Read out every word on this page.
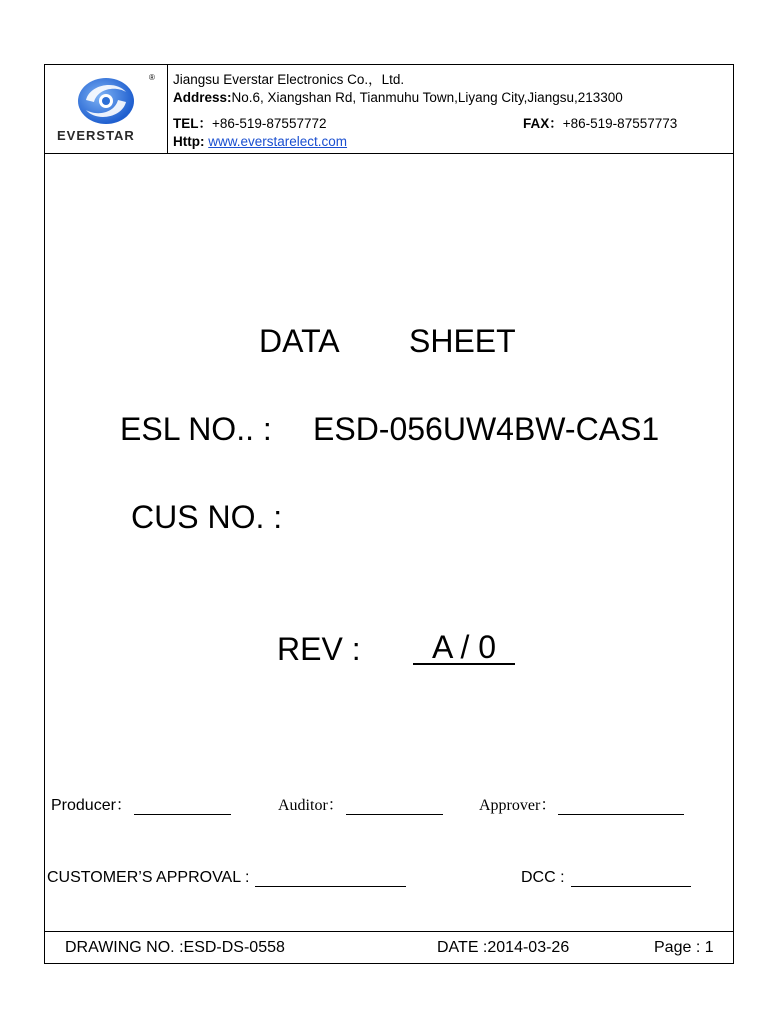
®
EVERSTAR
Jiangsu Everstar Electronics Co.，Ltd.
Address:No.6, Xiangshan Rd, Tianmuhu Town,Liyang City,Jiangsu,213300
TEL：+86-519-87557772	FAX：+86-519-87557773
Http: www.everstarelect.com
DATA SHEET
ESL NO.. : ESD-056UW4BW-CAS1
CUS NO. :
REV :	A / 0
Producer：	Auditor：	Approver：
CUSTOMER’S APPROVAL :	DCC :
DRAWING NO. :ESD-DS-0558	DATE :2014-03-26	Page : 1
